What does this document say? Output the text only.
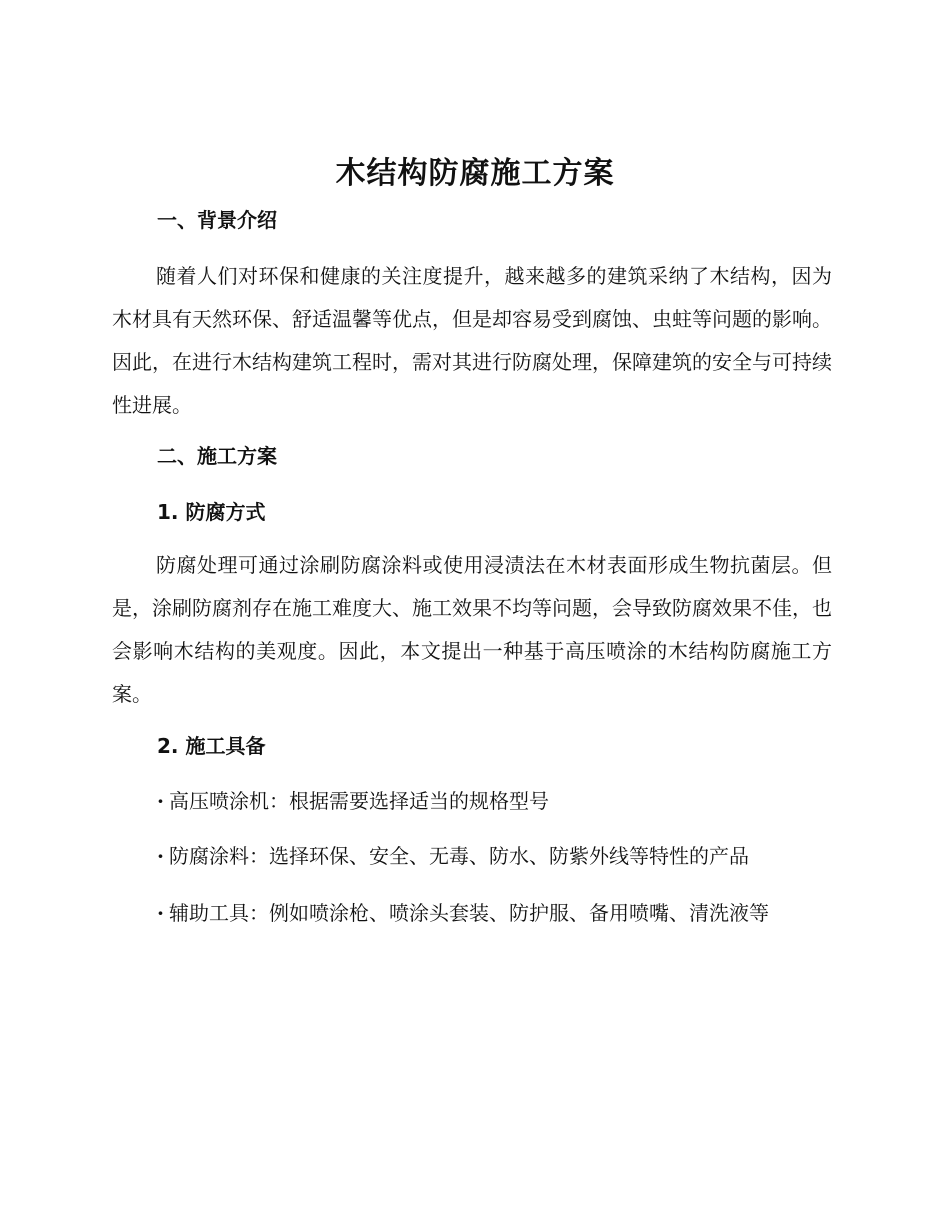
木结构防腐施工方案
一、背景介绍

随着人们对环保和健康的关注度提升，越来越多的建筑采纳了木结构，因为木材具有天然环保、舒适温馨等优点，但是却容易受到腐蚀、虫蛀等问题的影响。因此，在进行木结构建筑工程时，需对其进行防腐处理，保障建筑的安全与可持续性进展。

二、施工方案
1. 防腐方式

防腐处理可通过涂刷防腐涂料或使用浸渍法在木材表面形成生物抗菌层。但是，涂刷防腐剂存在施工难度大、施工效果不均等问题，会导致防腐效果不佳，也会影响木结构的美观度。因此，本文提出一种基于高压喷涂的木结构防腐施工方案。

2. 施工具备

· 高压喷涂机：根据需要选择适当的规格型号

· 防腐涂料：选择环保、安全、无毒、防水、防紫外线等特性的产品

· 辅助工具：例如喷涂枪、喷涂头套装、防护服、备用喷嘴、清洗液等
